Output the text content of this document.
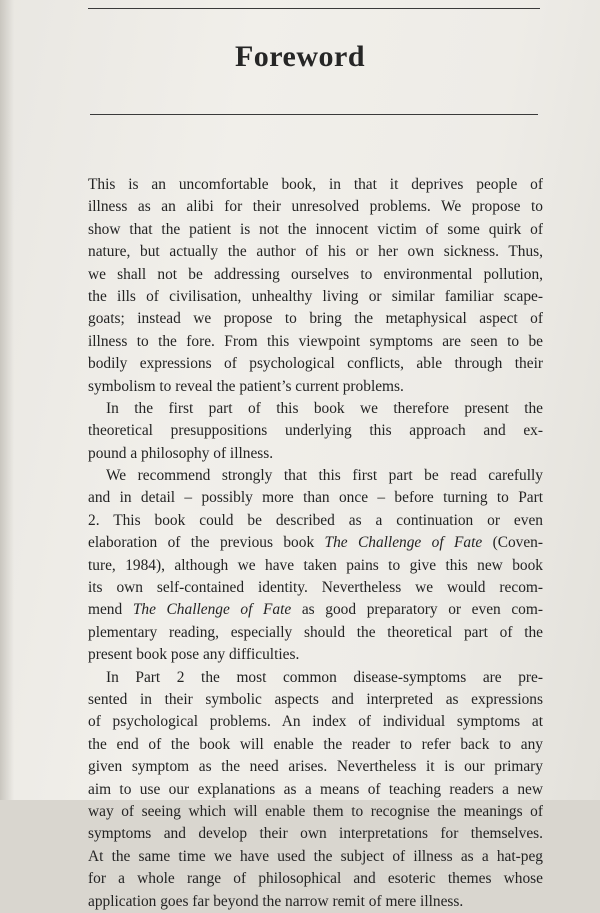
Foreword
This is an uncomfortable book, in that it deprives people of
illness as an alibi for their unresolved problems. We propose to
show that the patient is not the innocent victim of some quirk of
nature, but actually the author of his or her own sickness. Thus,
we shall not be addressing ourselves to environmental pollution,
the ills of civilisation, unhealthy living or similar familiar scape-
goats; instead we propose to bring the metaphysical aspect of
illness to the fore. From this viewpoint symptoms are seen to be
bodily expressions of psychological conflicts, able through their
symbolism to reveal the patient’s current problems.
In the first part of this book we therefore present the
theoretical presuppositions underlying this approach and ex-
pound a philosophy of illness.
We recommend strongly that this first part be read carefully
and in detail – possibly more than once – before turning to Part
2. This book could be described as a continuation or even
elaboration of the previous book The Challenge of Fate (Coven-
ture, 1984), although we have taken pains to give this new book
its own self-contained identity. Nevertheless we would recom-
mend The Challenge of Fate as good preparatory or even com-
plementary reading, especially should the theoretical part of the
present book pose any difficulties.
In Part 2 the most common disease-symptoms are pre-
sented in their symbolic aspects and interpreted as expressions
of psychological problems. An index of individual symptoms at
the end of the book will enable the reader to refer back to any
given symptom as the need arises. Nevertheless it is our primary
aim to use our explanations as a means of teaching readers a new
way of seeing which will enable them to recognise the meanings of
symptoms and develop their own interpretations for themselves.
At the same time we have used the subject of illness as a hat-peg
for a whole range of philosophical and esoteric themes whose
application goes far beyond the narrow remit of mere illness.
